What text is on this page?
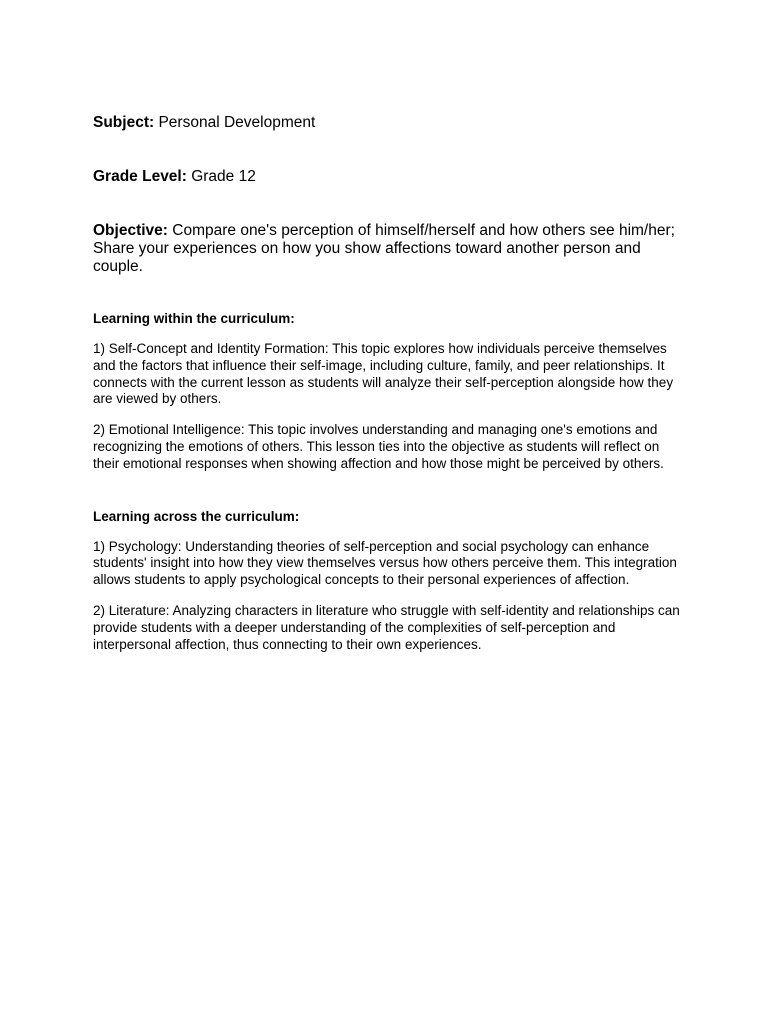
Subject: Personal Development

Grade Level: Grade 12

Objective: Compare one's perception of himself/herself and how others see him/her; Share your experiences on how you show affections toward another person and couple.

Learning within the curriculum:

1) Self-Concept and Identity Formation: This topic explores how individuals perceive themselves and the factors that influence their self-image, including culture, family, and peer relationships. It connects with the current lesson as students will analyze their self-perception alongside how they are viewed by others.

2) Emotional Intelligence: This topic involves understanding and managing one's emotions and recognizing the emotions of others. This lesson ties into the objective as students will reflect on their emotional responses when showing affection and how those might be perceived by others.

Learning across the curriculum:

1) Psychology: Understanding theories of self-perception and social psychology can enhance students' insight into how they view themselves versus how others perceive them. This integration allows students to apply psychological concepts to their personal experiences of affection.

2) Literature: Analyzing characters in literature who struggle with self-identity and relationships can provide students with a deeper understanding of the complexities of self-perception and interpersonal affection, thus connecting to their own experiences.
